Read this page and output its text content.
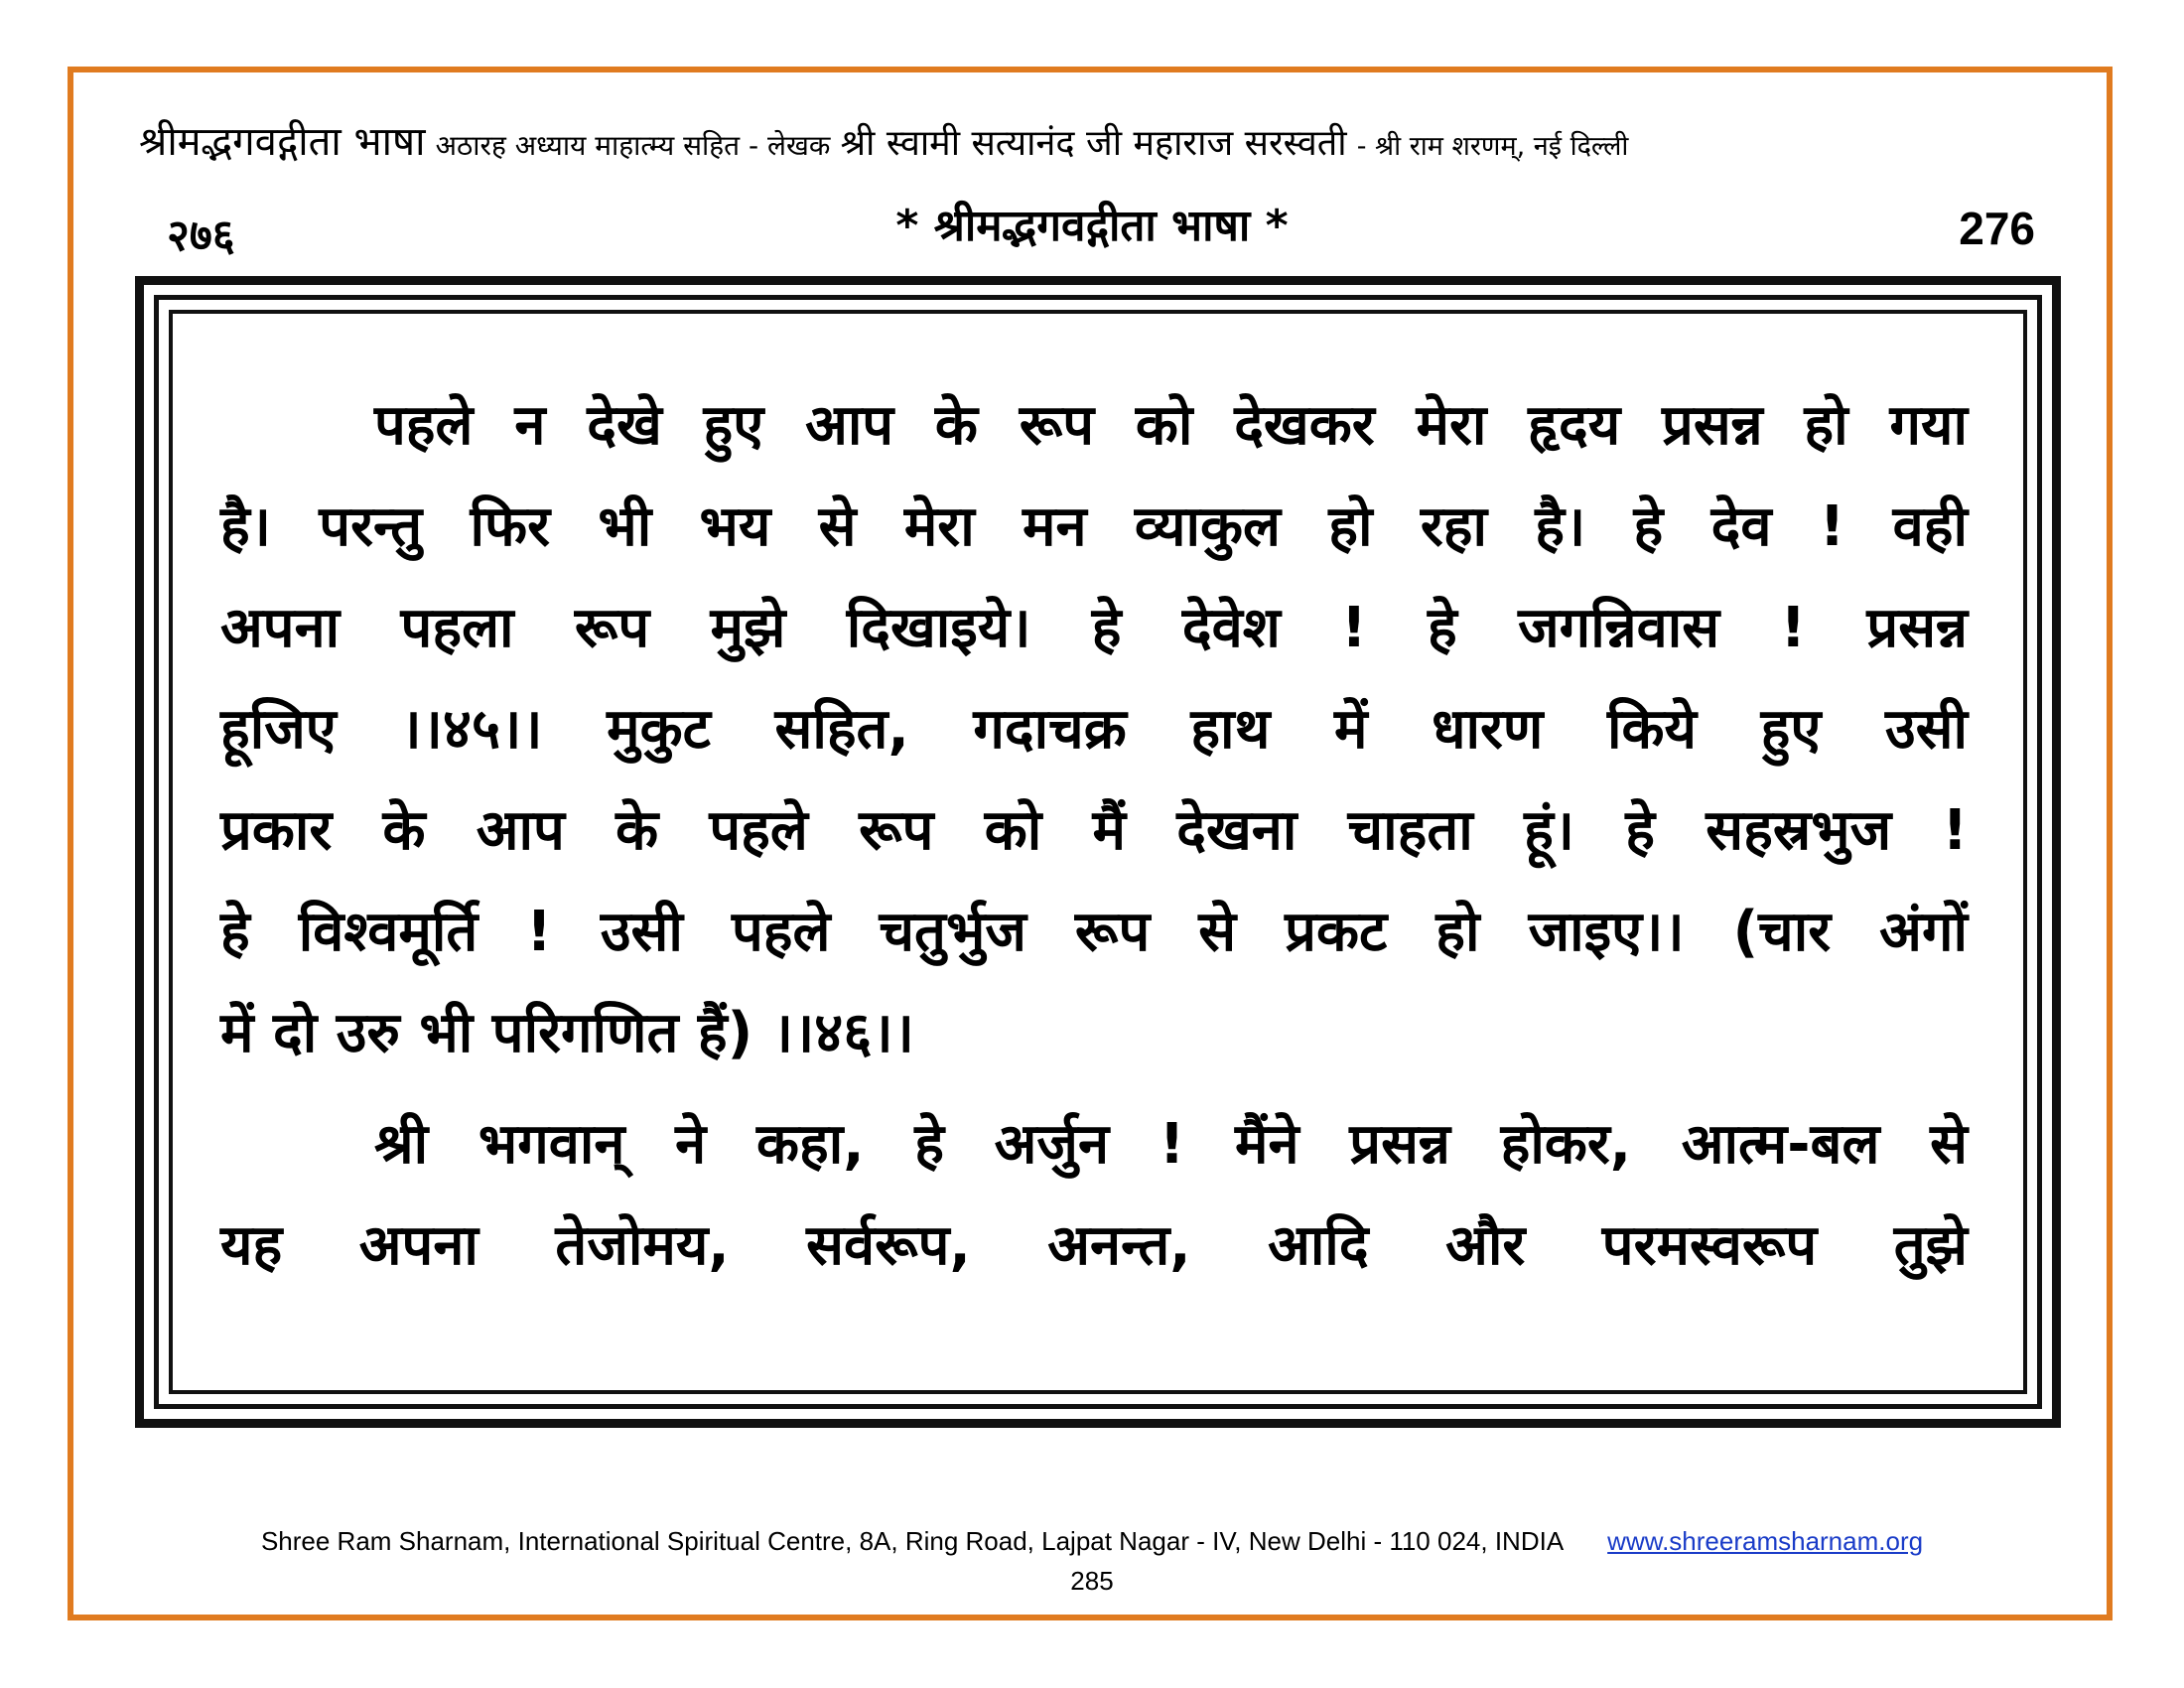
श्रीमद्भगवद्गीता भाषा अठारह अध्याय माहात्म्य सहित - लेखक श्री स्वामी सत्यानंद जी महाराज सरस्वती - श्री राम शरणम्, नई दिल्ली
२७६	* श्रीमद्भगवद्गीता भाषा *	276

पहले न देखे हुए आप के रूप को देखकर मेरा हृदय प्रसन्न हो गया

है। परन्तु फिर भी भय से मेरा मन व्याकुल हो रहा है। हे देव ! वही

अपना पहला रूप मुझे दिखाइये। हे देवेश ! हे जगन्निवास ! प्रसन्न

हूजिए ।।४५।। मुकुट सहित, गदाचक्र हाथ में धारण किये हुए उसी

प्रकार के आप के पहले रूप को मैं देखना चाहता हूं। हे सहस्रभुज !

हे विश्वमूर्ति ! उसी पहले चतुर्भुज रूप से प्रकट हो जाइए।। (चार अंगों

में दो उरु भी परिगणित हैं) ।।४६।।

श्री भगवान् ने कहा, हे अर्जुन ! मैंने प्रसन्न होकर, आत्म-बल से

यह अपना तेजोमय, सर्वरूप, अनन्त, आदि और परमस्वरूप तुझे

Shree Ram Sharnam, International Spiritual Centre, 8A, Ring Road, Lajpat Nagar - IV, New Delhi - 110 024, INDIA www.shreeramsharnam.org
285
